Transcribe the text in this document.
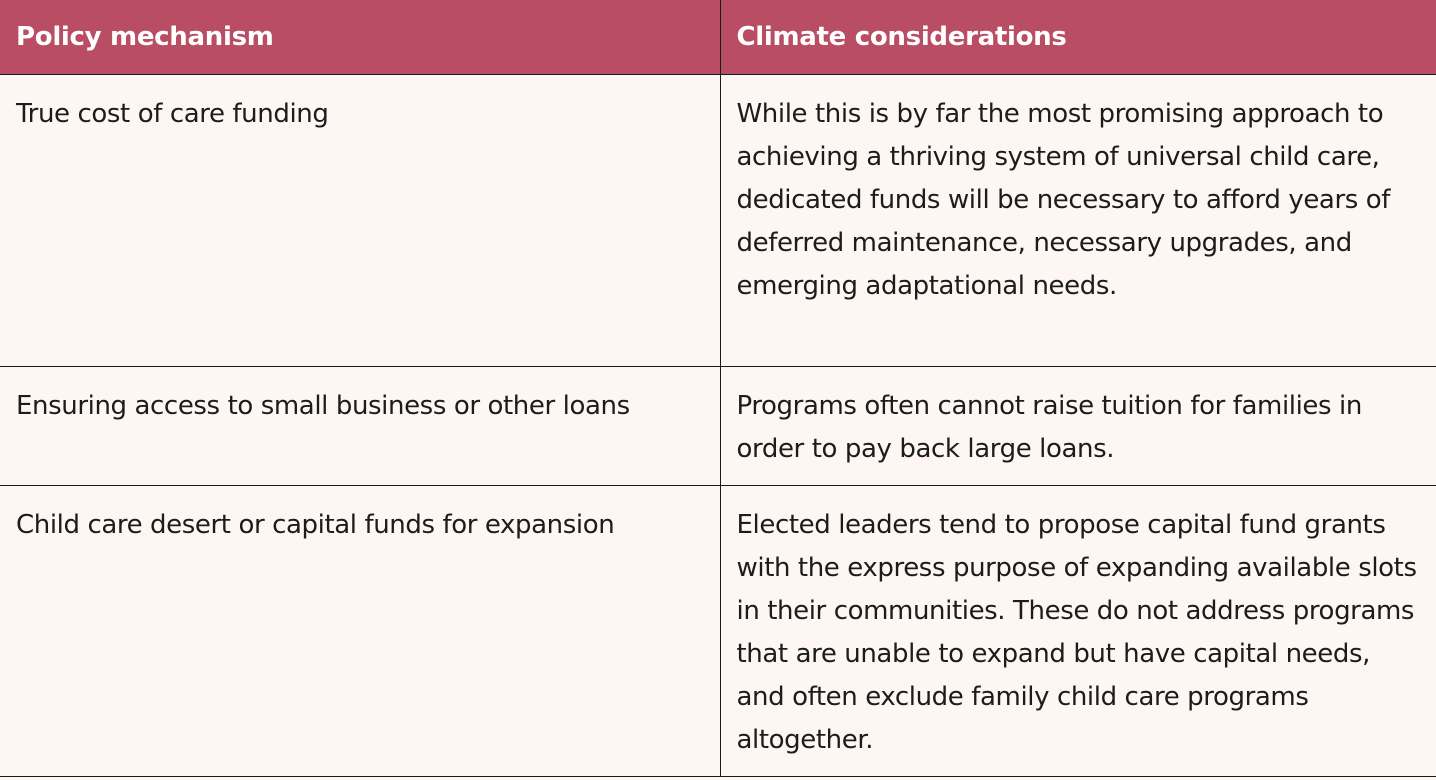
Policy mechanism	Climate considerations
True cost of care funding	While this is by far the most promising approach to achieving a thriving system of universal child care, dedicated funds will be necessary to afford years of deferred maintenance, necessary upgrades, and emerging adaptational needs.
Ensuring access to small business or other loans	Programs often cannot raise tuition for families in order to pay back large loans.
Child care desert or capital funds for expansion	Elected leaders tend to propose capital fund grants with the express purpose of expanding available slots in their communities. These do not address programs that are unable to expand but have capital needs, and often exclude family child care programs altogether.
